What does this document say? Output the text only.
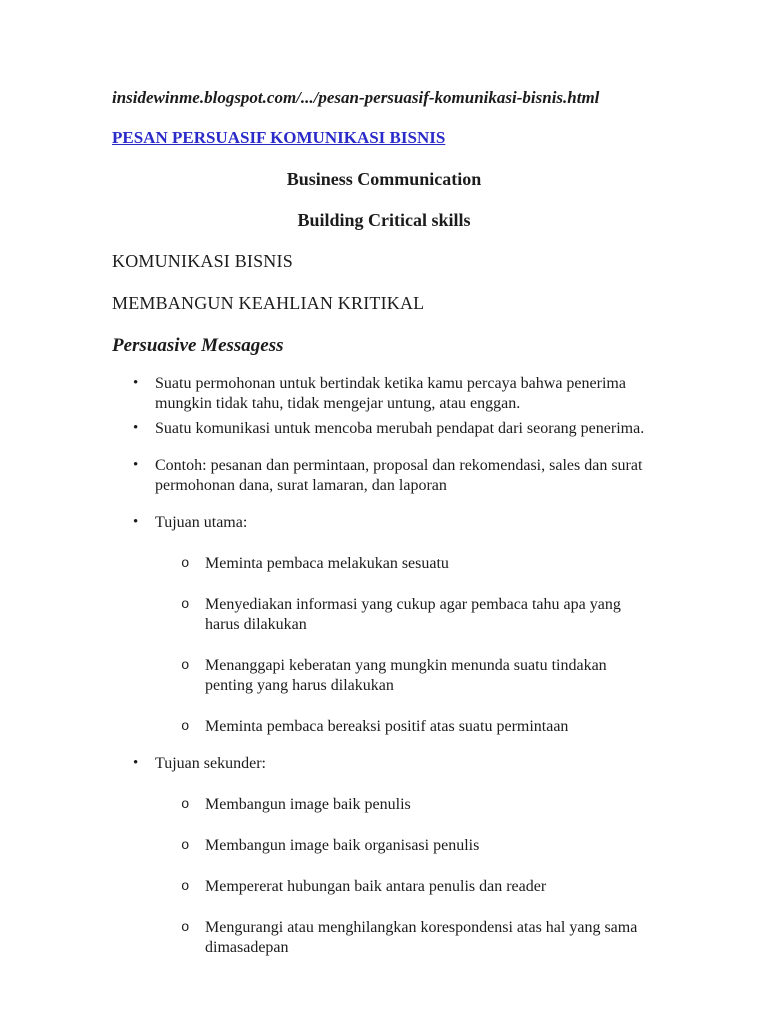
insidewinme.blogspot.com/.../pesan-persuasif-komunikasi-bisnis.html

PESAN PERSUASIF KOMUNIKASI BISNIS

Business Communication

Building Critical skills

KOMUNIKASI BISNIS

MEMBANGUN KEAHLIAN KRITIKAL

Persuasive Messagess

• Suatu permohonan untuk bertindak ketika kamu percaya bahwa penerima mungkin tidak tahu, tidak mengejar untung, atau enggan.
• Suatu komunikasi untuk mencoba merubah pendapat dari seorang penerima.
• Contoh: pesanan dan permintaan, proposal dan rekomendasi, sales dan surat permohonan dana, surat lamaran, dan laporan
• Tujuan utama:
o Meminta pembaca melakukan sesuatu
o Menyediakan informasi yang cukup agar pembaca tahu apa yang harus dilakukan
o Menanggapi keberatan yang mungkin menunda suatu tindakan penting yang harus dilakukan
o Meminta pembaca bereaksi positif atas suatu permintaan
• Tujuan sekunder:
o Membangun image baik penulis
o Membangun image baik organisasi penulis
o Mempererat hubungan baik antara penulis dan reader
o Mengurangi atau menghilangkan korespondensi atas hal yang sama dimasadepan
